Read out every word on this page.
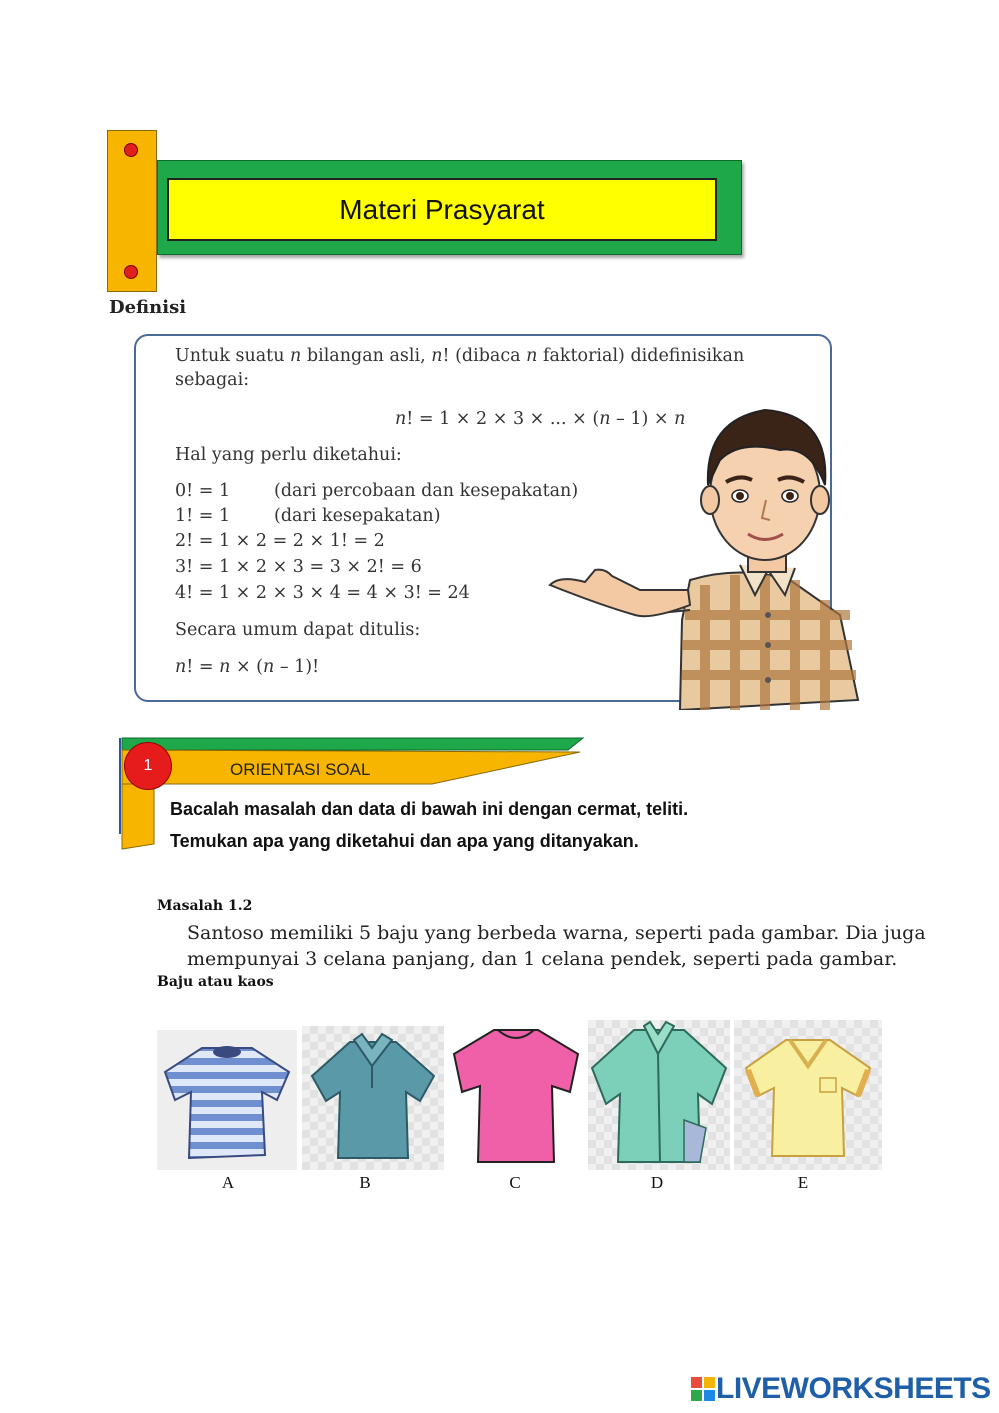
Materi Prasyarat
Definisi
Untuk suatu n bilangan asli, n! (dibaca n faktorial) didefinisikan
sebagai:
n! = 1 × 2 × 3 × ... × (n – 1) × n
Hal yang perlu diketahui:
0! = 1	(dari percobaan dan kesepakatan)
1! = 1	(dari kesepakatan)
2! = 1 × 2 = 2 × 1! = 2
3! = 1 × 2 × 3 = 3 × 2! = 6
4! = 1 × 2 × 3 × 4 = 4 × 3! = 24
Secara umum dapat ditulis:
n! = n × (n – 1)!
1	ORIENTASI SOAL
Bacalah masalah dan data di bawah ini dengan cermat, teliti.
Temukan apa yang diketahui dan apa yang ditanyakan.
Masalah 1.2
Santoso memiliki 5 baju yang berbeda warna, seperti pada gambar. Dia juga
mempunyai 3 celana panjang, dan 1 celana pendek, seperti pada gambar.
Baju atau kaos
A	B	C	D	E
LIVEWORKSHEETS
